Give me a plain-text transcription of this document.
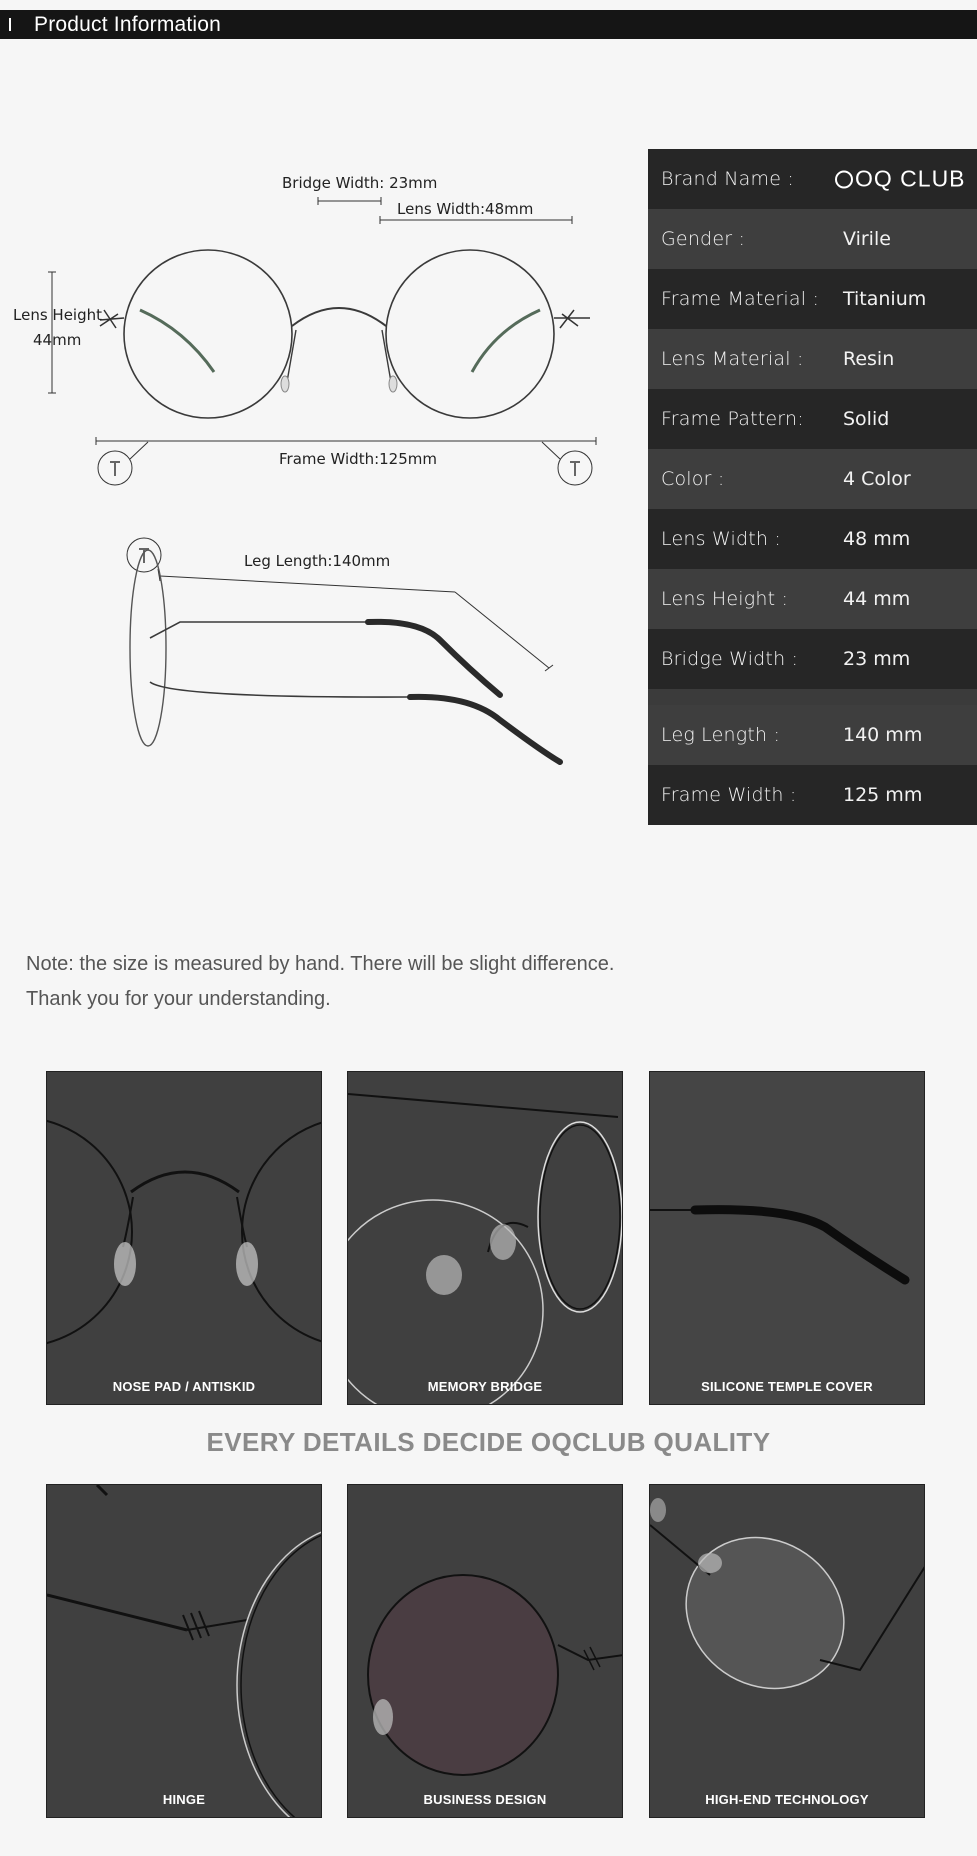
Product Information
Bridge Width: 23mm
Lens Width:48mm
Lens Height
44mm
Frame Width:125mm
Leg Length:140mm
Brand Name :	OQ CLUB
Gender :	Virile
Frame Material : Titanium
Lens Material : Resin
Frame Pattern: Solid
Color :	4 Color
Lens Width :	48 mm
Lens Height :	44 mm
Bridge Width : 23 mm
Leg Length :	140 mm
Frame Width : 125 mm
Note: the size is measured by hand. There will be slight difference.
Thank you for your understanding.
NOSE PAD / ANTISKID	MEMORY BRIDGE	SILICONE TEMPLE COVER
EVERY DETAILS DECIDE OQCLUB QUALITY
HINGE	BUSINESS DESIGN	HIGH-END TECHNOLOGY
